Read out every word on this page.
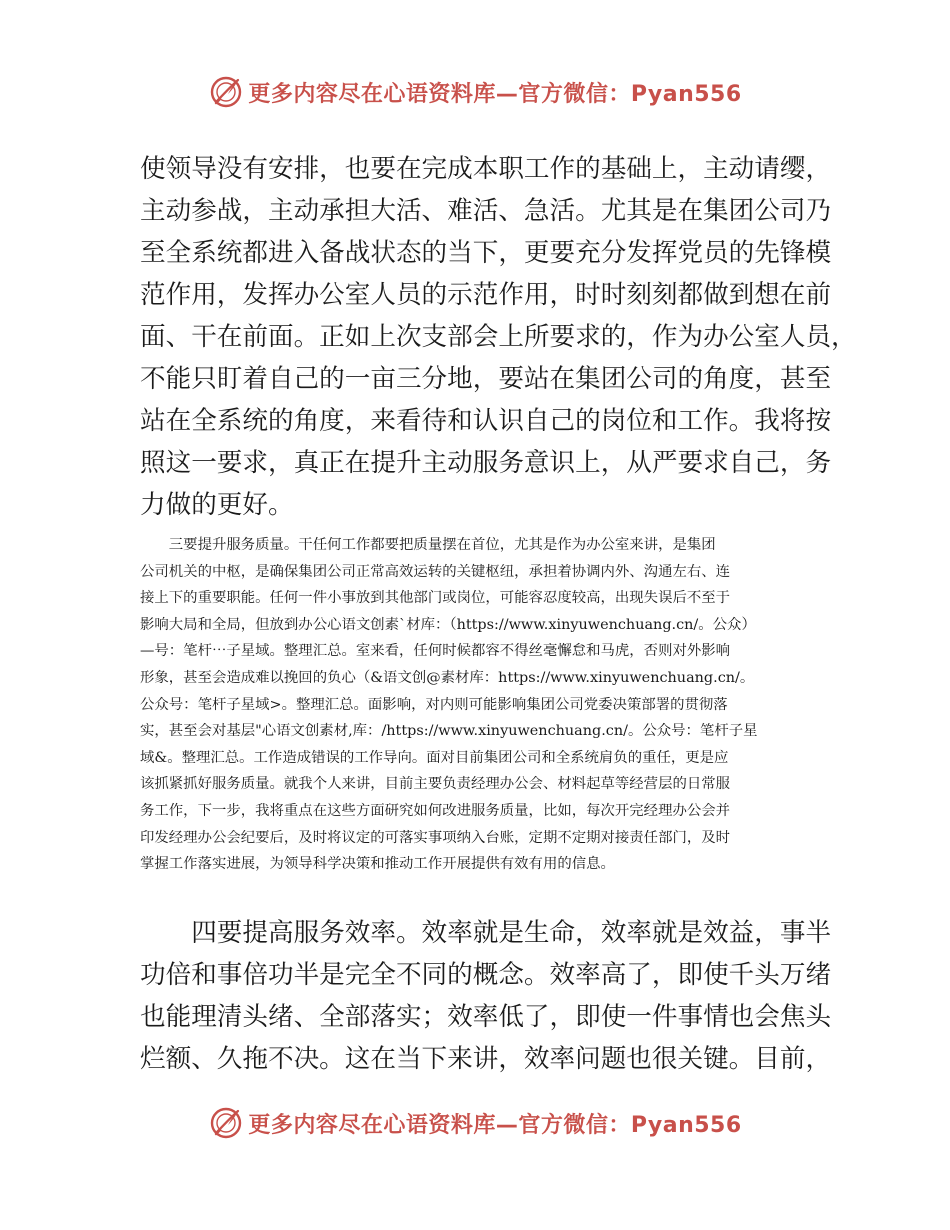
更多内容尽在心语资料库—官方微信：Pyan556
使领导没有安排，也要在完成本职工作的基础上，主动请缨，
主动参战，主动承担大活、难活、急活。尤其是在集团公司乃
至全系统都进入备战状态的当下，更要充分发挥党员的先锋模
范作用，发挥办公室人员的示范作用，时时刻刻都做到想在前
面、干在前面。正如上次支部会上所要求的，作为办公室人员，
不能只盯着自己的一亩三分地，要站在集团公司的角度，甚至
站在全系统的角度，来看待和认识自己的岗位和工作。我将按
照这一要求，真正在提升主动服务意识上，从严要求自己，务
力做的更好。
　　三要提升服务质量。干任何工作都要把质量摆在首位，尤其是作为办公室来讲，是集团
公司机关的中枢，是确保集团公司正常高效运转的关键枢纽，承担着协调内外、沟通左右、连
接上下的重要职能。任何一件小事放到其他部门或岗位，可能容忍度较高，出现失误后不至于
影响大局和全局，但放到办公心语文创素`材库：（https://www.xinyuwenchuang.cn/。公众）
—号：笔杆⋯子星域。整理汇总。室来看，任何时候都容不得丝毫懈怠和马虎，否则对外影响
形象，甚至会造成难以挽回的负心（&语文创@素材库：https://www.xinyuwenchuang.cn/。
公众号：笔杆子星域>。整理汇总。面影响，对内则可能影响集团公司党委决策部署的贯彻落
实，甚至会对基层"心语文创素材,库：/https://www.xinyuwenchuang.cn/。公众号：笔杆子星
域&。整理汇总。工作造成错误的工作导向。面对目前集团公司和全系统肩负的重任，更是应
该抓紧抓好服务质量。就我个人来讲，目前主要负责经理办公会、材料起草等经营层的日常服
务工作，下一步，我将重点在这些方面研究如何改进服务质量，比如，每次开完经理办公会并
印发经理办公会纪要后，及时将议定的可落实事项纳入台账，定期不定期对接责任部门，及时
掌握工作落实进展，为领导科学决策和推动工作开展提供有效有用的信息。
　　四要提高服务效率。效率就是生命，效率就是效益，事半
功倍和事倍功半是完全不同的概念。效率高了，即使千头万绪
也能理清头绪、全部落实；效率低了，即使一件事情也会焦头
烂额、久拖不决。这在当下来讲，效率问题也很关键。目前，
更多内容尽在心语资料库—官方微信：Pyan556
